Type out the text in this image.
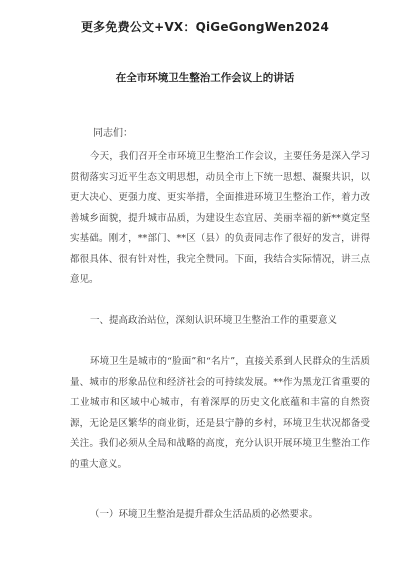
更多免费公文+VX：QiGeGongWen2024
在全市环境卫生整治工作会议上的讲话
同志们：
今天，我们召开全市环境卫生整治工作会议，主要任务是深入学习贯彻落实习近平生态文明思想，动员全市上下统一思想、凝聚共识，以更大决心、更强力度、更实举措，全面推进环境卫生整治工作，着力改善城乡面貌，提升城市品质，为建设生态宜居、美丽幸福的新**奠定坚实基础。刚才，**部门、**区（县）的负责同志作了很好的发言，讲得都很具体、很有针对性，我完全赞同。下面，我结合实际情况，讲三点意见。
一、提高政治站位，深刻认识环境卫生整治工作的重要意义
环境卫生是城市的“脸面”和“名片”，直接关系到人民群众的生活质量、城市的形象品位和经济社会的可持续发展。**作为黑龙江省重要的工业城市和区域中心城市，有着深厚的历史文化底蕴和丰富的自然资源，无论是区繁华的商业街，还是县宁静的乡村，环境卫生状况都备受关注。我们必须从全局和战略的高度，充分认识开展环境卫生整治工作的重大意义。
（一）环境卫生整治是提升群众生活品质的必然要求。
